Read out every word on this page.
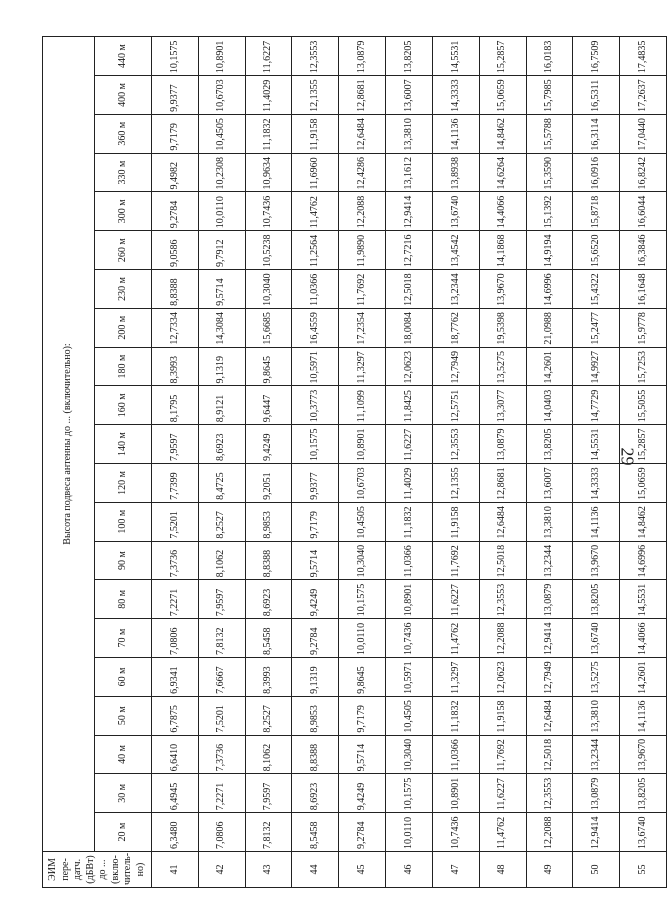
29
ЭИМ пере-датч. (дБВт) до ... (вклю-читель-но)	Высота подвеса антенны до ... (включительно):																				
	20 м	30 м	40 м	50 м	60 м	70 м	80 м	90 м	100 м	120 м	140 м	160 м	180 м	200 м	230 м	260 м	300 м	330 м	360 м	400 м	440 м
41	6,3480	6,4945	6,6410	6,7875	6,9341	7,0806	7,2271	7,3736	7,5201	7,7399	7,9597	8,1795	8,3993	12,7334	8,8388	9,0586	9,2784	9,4982	9,7179	9,9377	10,1575
42	7,0806	7,2271	7,3736	7,5201	7,6667	7,8132	7,9597	8,1062	8,2527	8,4725	8,6923	8,9121	9,1319	14,3084	9,5714	9,7912	10,0110	10,2308	10,4505	10,6703	10,8901
43	7,8132	7,9597	8,1062	8,2527	8,3993	8,5458	8,6923	8,8388	8,9853	9,2051	9,4249	9,6447	9,8645	15,6685	10,3040	10,5238	10,7436	10,9634	11,1832	11,4029	11,6227
44	8,5458	8,6923	8,8388	8,9853	9,1319	9,2784	9,4249	9,5714	9,7179	9,9377	10,1575	10,3773	10,5971	16,4559	11,0366	11,2564	11,4762	11,6960	11,9158	12,1355	12,3553
45	9,2784	9,4249	9,5714	9,7179	9,8645	10,0110	10,1575	10,3040	10,4505	10,6703	10,8901	11,1099	11,3297	17,2354	11,7692	11,9890	12,2088	12,4286	12,6484	12,8681	13,0879
46	10,0110	10,1575	10,3040	10,4505	10,5971	10,7436	10,8901	11,0366	11,1832	11,4029	11,6227	11,8425	12,0623	18,0084	12,5018	12,7216	12,9414	13,1612	13,3810	13,6007	13,8205
47	10,7436	10,8901	11,0366	11,1832	11,3297	11,4762	11,6227	11,7692	11,9158	12,1355	12,3553	12,5751	12,7949	18,7762	13,2344	13,4542	13,6740	13,8938	14,1136	14,3333	14,5531
48	11,4762	11,6227	11,7692	11,9158	12,0623	12,2088	12,3553	12,5018	12,6484	12,8681	13,0879	13,3077	13,5275	19,5398	13,9670	14,1868	14,4066	14,6264	14,8462	15,0659	15,2857
49	12,2088	12,3553	12,5018	12,6484	12,7949	12,9414	13,0879	13,2344	13,3810	13,6007	13,8205	14,0403	14,2601	21,0988	14,6996	14,9194	15,1392	15,3590	15,5788	15,7985	16,0183
50	12,9414	13,0879	13,2344	13,3810	13,5275	13,6740	13,8205	13,9670	14,1136	14,3333	14,5531	14,7729	14,9927	15,2477	15,4322	15,6520	15,8718	16,0916	16,3114	16,5311	16,7509
55	13,6740	13,8205	13,9670	14,1136	14,2601	14,4066	14,5531	14,6996	14,8462	15,0659	15,2857	15,5055	15,7253	15,9778	16,1648	16,3846	16,6044	16,8242	17,0440	17,2637	17,4835
